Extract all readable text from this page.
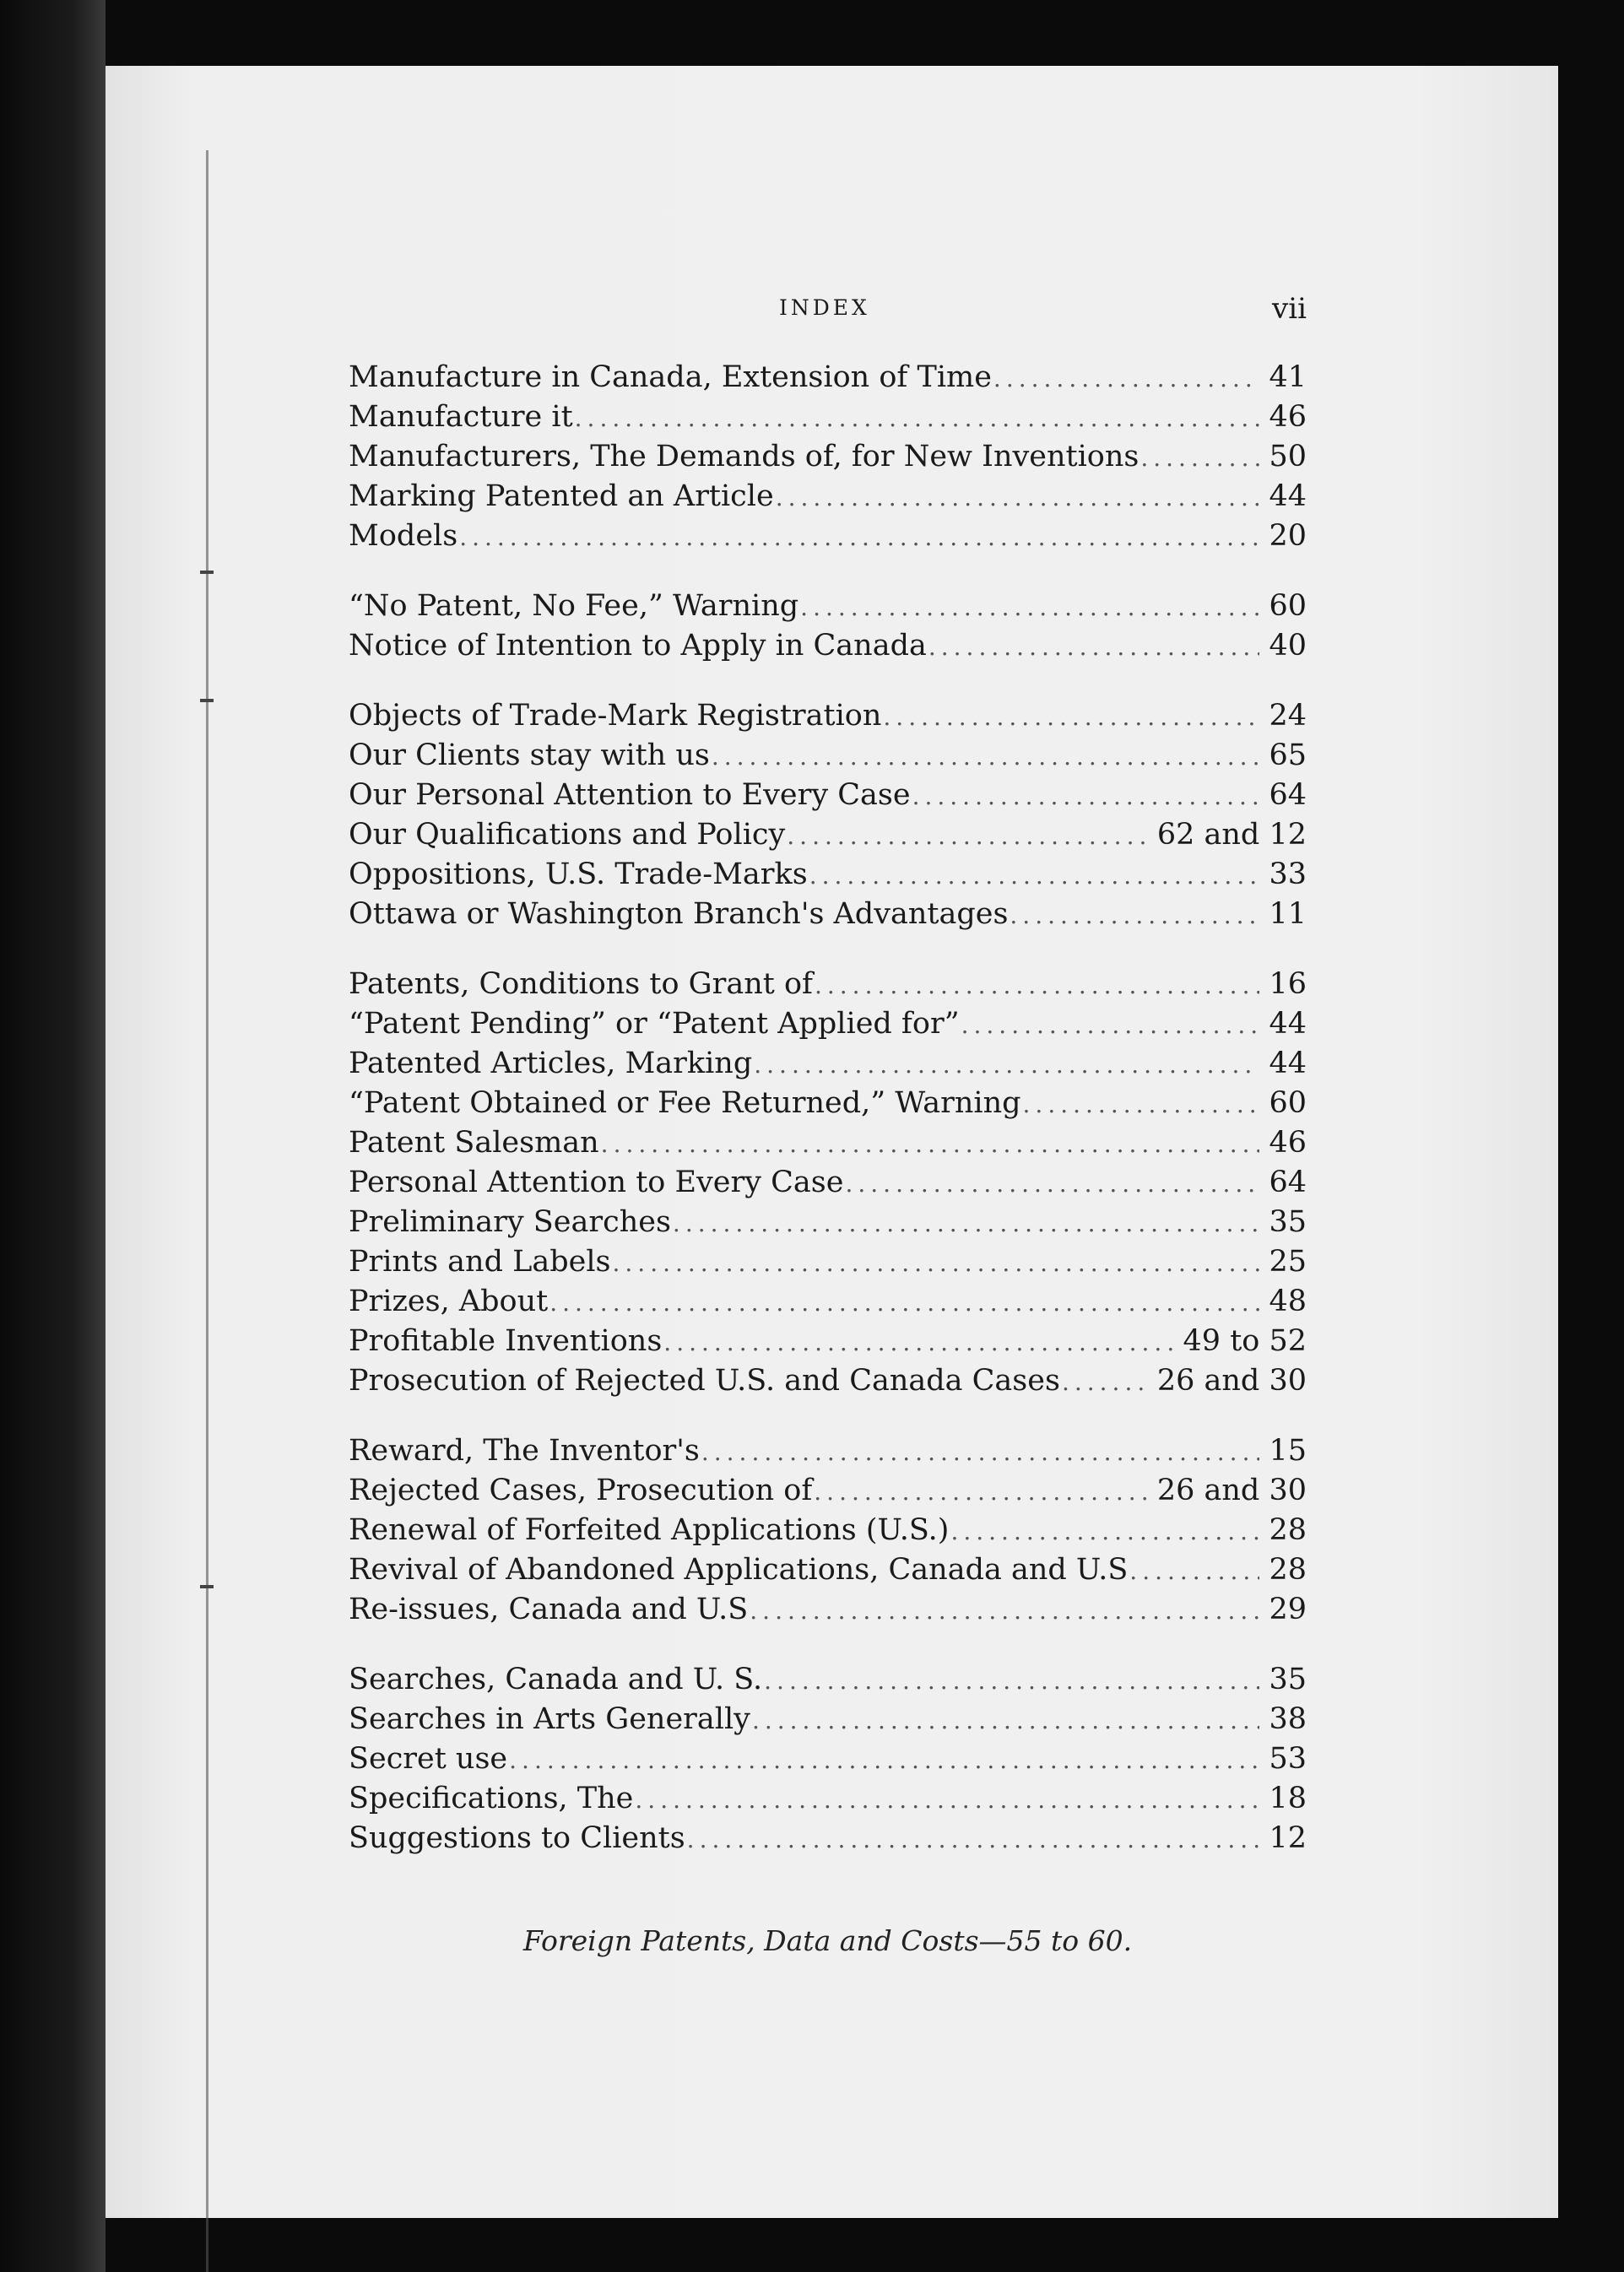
INDEX	vii
Manufacture in Canada, Extension of Time .....	41
Manufacture it .....	46
Manufacturers, The Demands of, for New Inventions .....	50
Marking Patented an Article .....	44
Models .....	20
“No Patent, No Fee,” Warning .....	60
Notice of Intention to Apply in Canada .....	40
Objects of Trade-Mark Registration .....	24
Our Clients stay with us .....	65
Our Personal Attention to Every Case .....	64
Our Qualifications and Policy .....	62 and 12
Oppositions, U.S. Trade-Marks .....	33
Ottawa or Washington Branch's Advantages .....	11
Patents, Conditions to Grant of .....	16
“Patent Pending” or “Patent Applied for” .....	44
Patented Articles, Marking .....	44
“Patent Obtained or Fee Returned,” Warning .....	60
Patent Salesman .....	46
Personal Attention to Every Case .....	64
Preliminary Searches .....	35
Prints and Labels .....	25
Prizes, About .....	48
Profitable Inventions .....	49 to 52
Prosecution of Rejected U.S. and Canada Cases .....	26 and 30
Reward, The Inventor's .....	15
Rejected Cases, Prosecution of .....	26 and 30
Renewal of Forfeited Applications (U.S.) .....	28
Revival of Abandoned Applications, Canada and U.S .....	28
Re-issues, Canada and U.S .....	29
Searches, Canada and U. S. .....	35
Searches in Arts Generally .....	38
Secret use .....	53
Specifications, The .....	18
Suggestions to Clients .....	12
Foreign Patents, Data and Costs—55 to 60.
